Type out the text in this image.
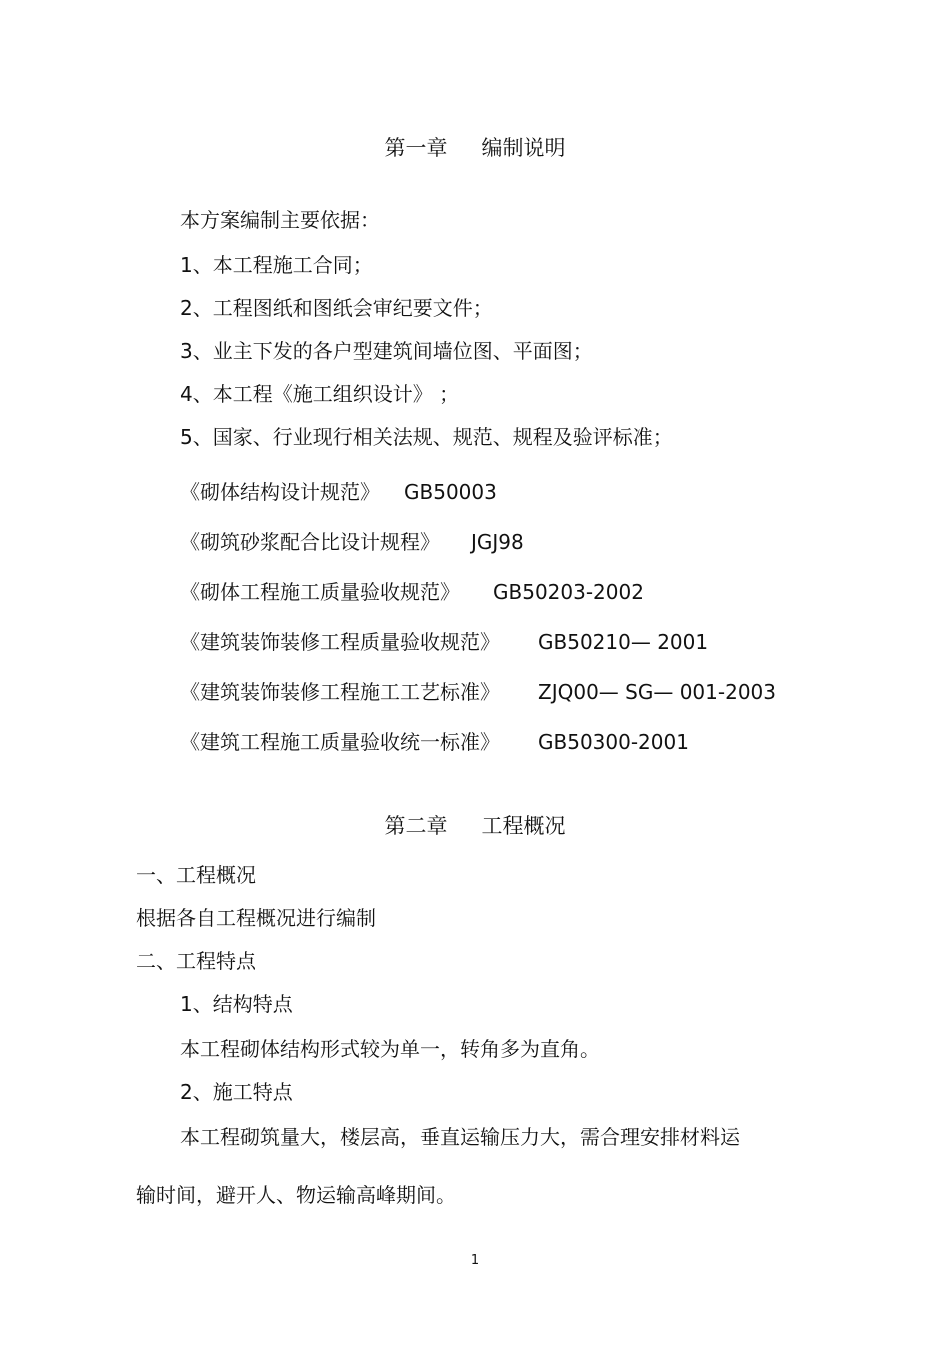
第一章 编制说明
本方案编制主要依据：
1、本工程施工合同；
2、工程图纸和图纸会审纪要文件；
3、业主下发的各户型建筑间墙位图、平面图；
4、本工程《施工组织设计》 ；
5、国家、行业现行相关法规、规范、规程及验评标准；
《砌体结构设计规范》 GB50003
《砌筑砂浆配合比设计规程》 JGJ98
《砌体工程施工质量验收规范》 GB50203-2002
《建筑装饰装修工程质量验收规范》 GB50210— 2001
《建筑装饰装修工程施工工艺标准》 ZJQ00— SG— 001-2003
《建筑工程施工质量验收统一标准》 GB50300-2001
第二章 工程概况
一、工程概况
根据各自工程概况进行编制
二、工程特点
1、结构特点
本工程砌体结构形式较为单一，转角多为直角。
2、施工特点
本工程砌筑量大，楼层高，垂直运输压力大，需合理安排材料运
输时间，避开人、物运输高峰期间。
1
